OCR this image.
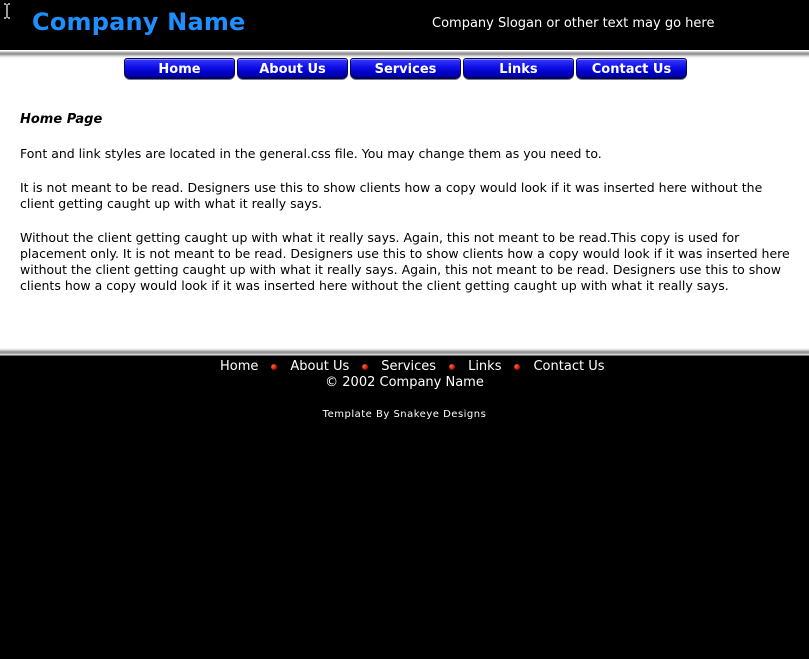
Company Name	Company Slogan or other text may go here
Home	About Us	Services	Links	Contact Us

Home Page

Font and link styles are located in the general.css file. You may change them as you need to.

It is not meant to be read. Designers use this to show clients how a copy would look if it was inserted here without the client getting caught up with what it really says.

Without the client getting caught up with what it really says. Again, this not meant to be read.This copy is used for placement only. It is not meant to be read. Designers use this to show clients how a copy would look if it was inserted here without the client getting caught up with what it really says. Again, this not meant to be read. Designers use this to show clients how a copy would look if it was inserted here without the client getting caught up with what it really says.

Home About Us Services Links Contact Us
© 2002 Company Name
Template By Snakeye Designs
